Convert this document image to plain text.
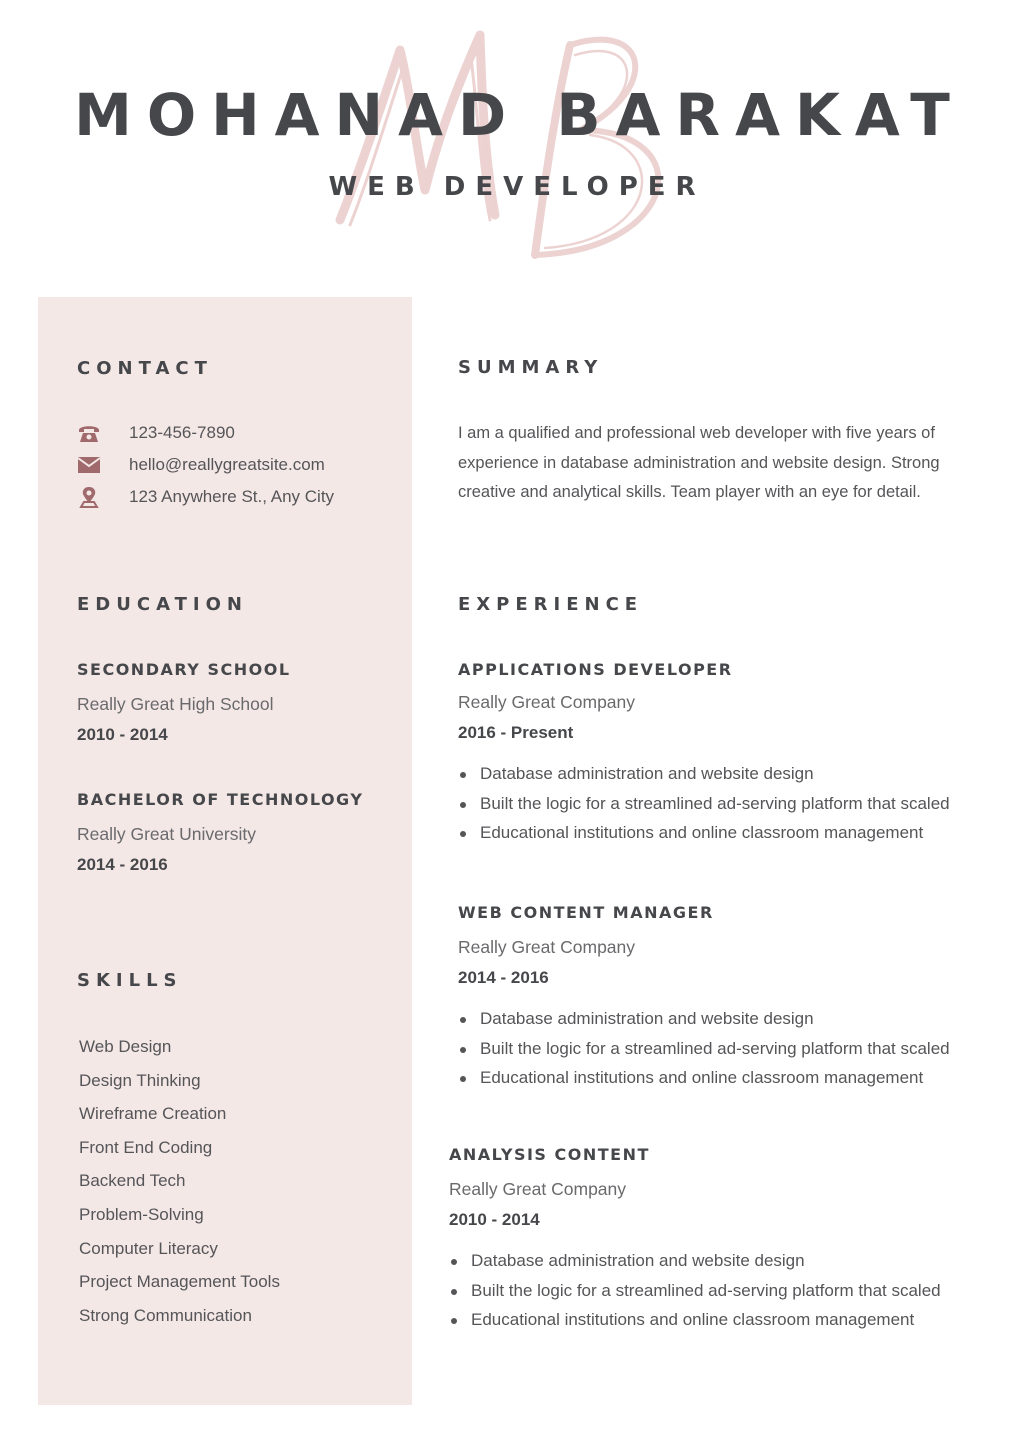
MOHANAD BARAKAT
WEB DEVELOPER
CONTACT
123-456-7890
hello@reallygreatsite.com
123 Anywhere St., Any City
EDUCATION
SECONDARY SCHOOL
Really Great High School
2010 - 2014
BACHELOR OF TECHNOLOGY
Really Great University
2014 - 2016
SKILLS
Web Design
Design Thinking
Wireframe Creation
Front End Coding
Backend Tech
Problem-Solving
Computer Literacy
Project Management Tools
Strong Communication
SUMMARY

I am a qualified and professional web developer with five years of experience in database administration and website design. Strong creative and analytical skills. Team player with an eye for detail.

EXPERIENCE
APPLICATIONS DEVELOPER
Really Great Company
2016 - Present
Database administration and website design
Built the logic for a streamlined ad-serving platform that scaled
Educational institutions and online classroom management
WEB CONTENT MANAGER
Really Great Company
2014 - 2016
Database administration and website design
Built the logic for a streamlined ad-serving platform that scaled
Educational institutions and online classroom management
ANALYSIS CONTENT
Really Great Company
2010 - 2014
Database administration and website design
Built the logic for a streamlined ad-serving platform that scaled
Educational institutions and online classroom management
